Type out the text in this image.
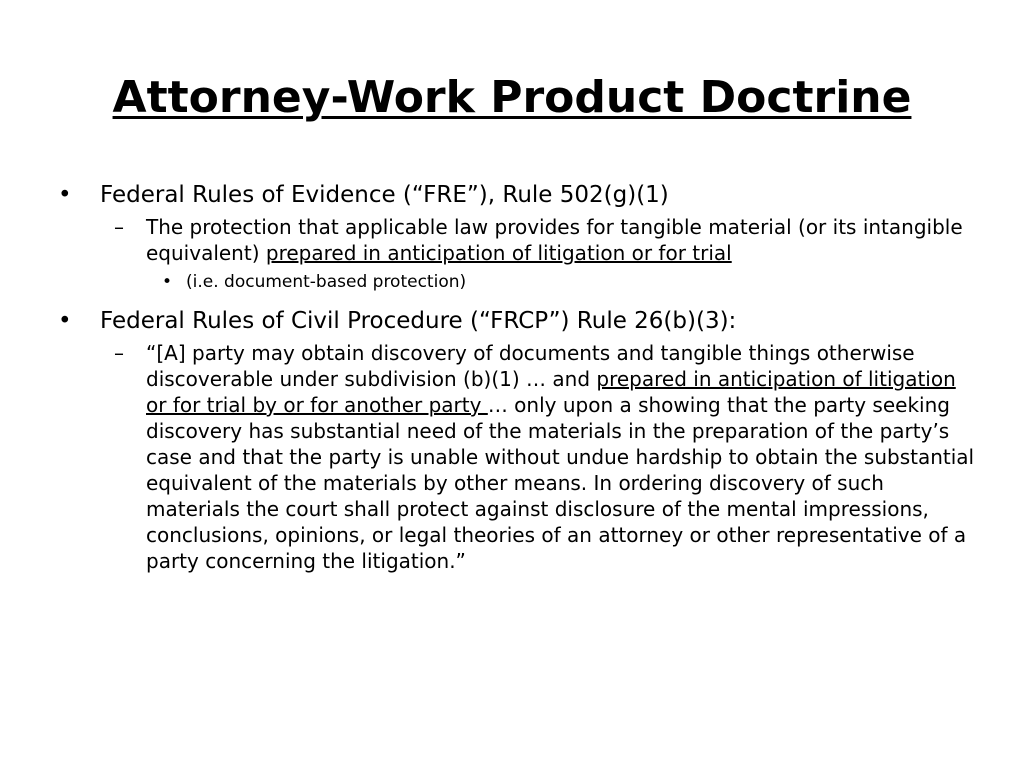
Attorney-Work Product Doctrine
• Federal Rules of Evidence (“FRE”), Rule 502(g)(1)
– The protection that applicable law provides for tangible material (or its intangible equivalent) prepared in anticipation of litigation or for trial
• (i.e. document-based protection)
• Federal Rules of Civil Procedure (“FRCP”) Rule 26(b)(3):
– “[A] party may obtain discovery of documents and tangible things otherwise discoverable under subdivision (b)(1) … and prepared in anticipation of litigation or for trial by or for another party … only upon a showing that the party seeking discovery has substantial need of the materials in the preparation of the party’s case and that the party is unable without undue hardship to obtain the substantial equivalent of the materials by other means. In ordering discovery of such materials the court shall protect against disclosure of the mental impressions, conclusions, opinions, or legal theories of an attorney or other representative of a party concerning the litigation.”
